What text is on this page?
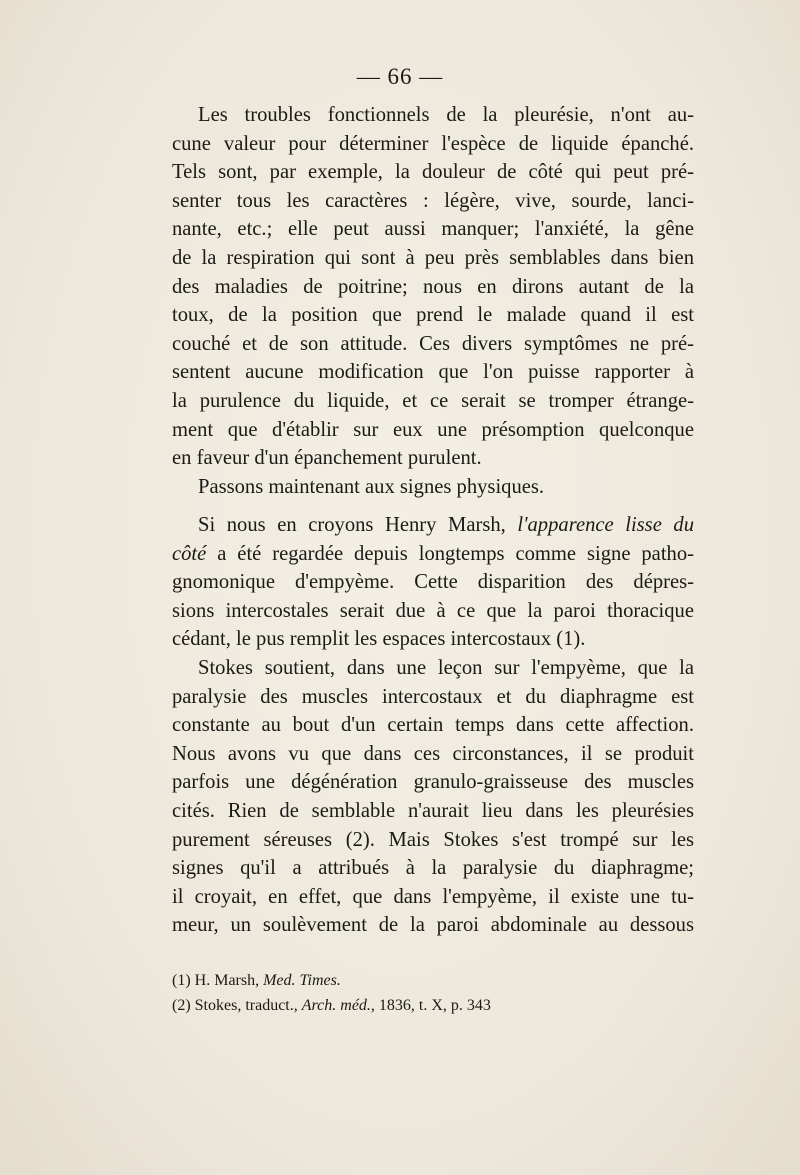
— 66 —
Les troubles fonctionnels de la pleurésie, n'ont au-
cune valeur pour déterminer l'espèce de liquide épanché.
Tels sont, par exemple, la douleur de côté qui peut pré-
senter tous les caractères : légère, vive, sourde, lanci-
nante, etc.; elle peut aussi manquer; l'anxiété, la gêne
de la respiration qui sont à peu près semblables dans bien
des maladies de poitrine; nous en dirons autant de la
toux, de la position que prend le malade quand il est
couché et de son attitude. Ces divers symptômes ne pré-
sentent aucune modification que l'on puisse rapporter à
la purulence du liquide, et ce serait se tromper étrange-
ment que d'établir sur eux une présomption quelconque
en faveur d'un épanchement purulent.
Passons maintenant aux signes physiques.
Si nous en croyons Henry Marsh, l'apparence lisse du
côté a été regardée depuis longtemps comme signe patho-
gnomonique d'empyème. Cette disparition des dépres-
sions intercostales serait due à ce que la paroi thoracique
cédant, le pus remplit les espaces intercostaux (1).
Stokes soutient, dans une leçon sur l'empyème, que la
paralysie des muscles intercostaux et du diaphragme est
constante au bout d'un certain temps dans cette affection.
Nous avons vu que dans ces circonstances, il se produit
parfois une dégénération granulo-graisseuse des muscles
cités. Rien de semblable n'aurait lieu dans les pleurésies
purement séreuses (2). Mais Stokes s'est trompé sur les
signes qu'il a attribués à la paralysie du diaphragme;
il croyait, en effet, que dans l'empyème, il existe une tu-
meur, un soulèvement de la paroi abdominale au dessous
(1) H. Marsh, Med. Times.
(2) Stokes, traduct., Arch. méd., 1836, t. X, p. 343
